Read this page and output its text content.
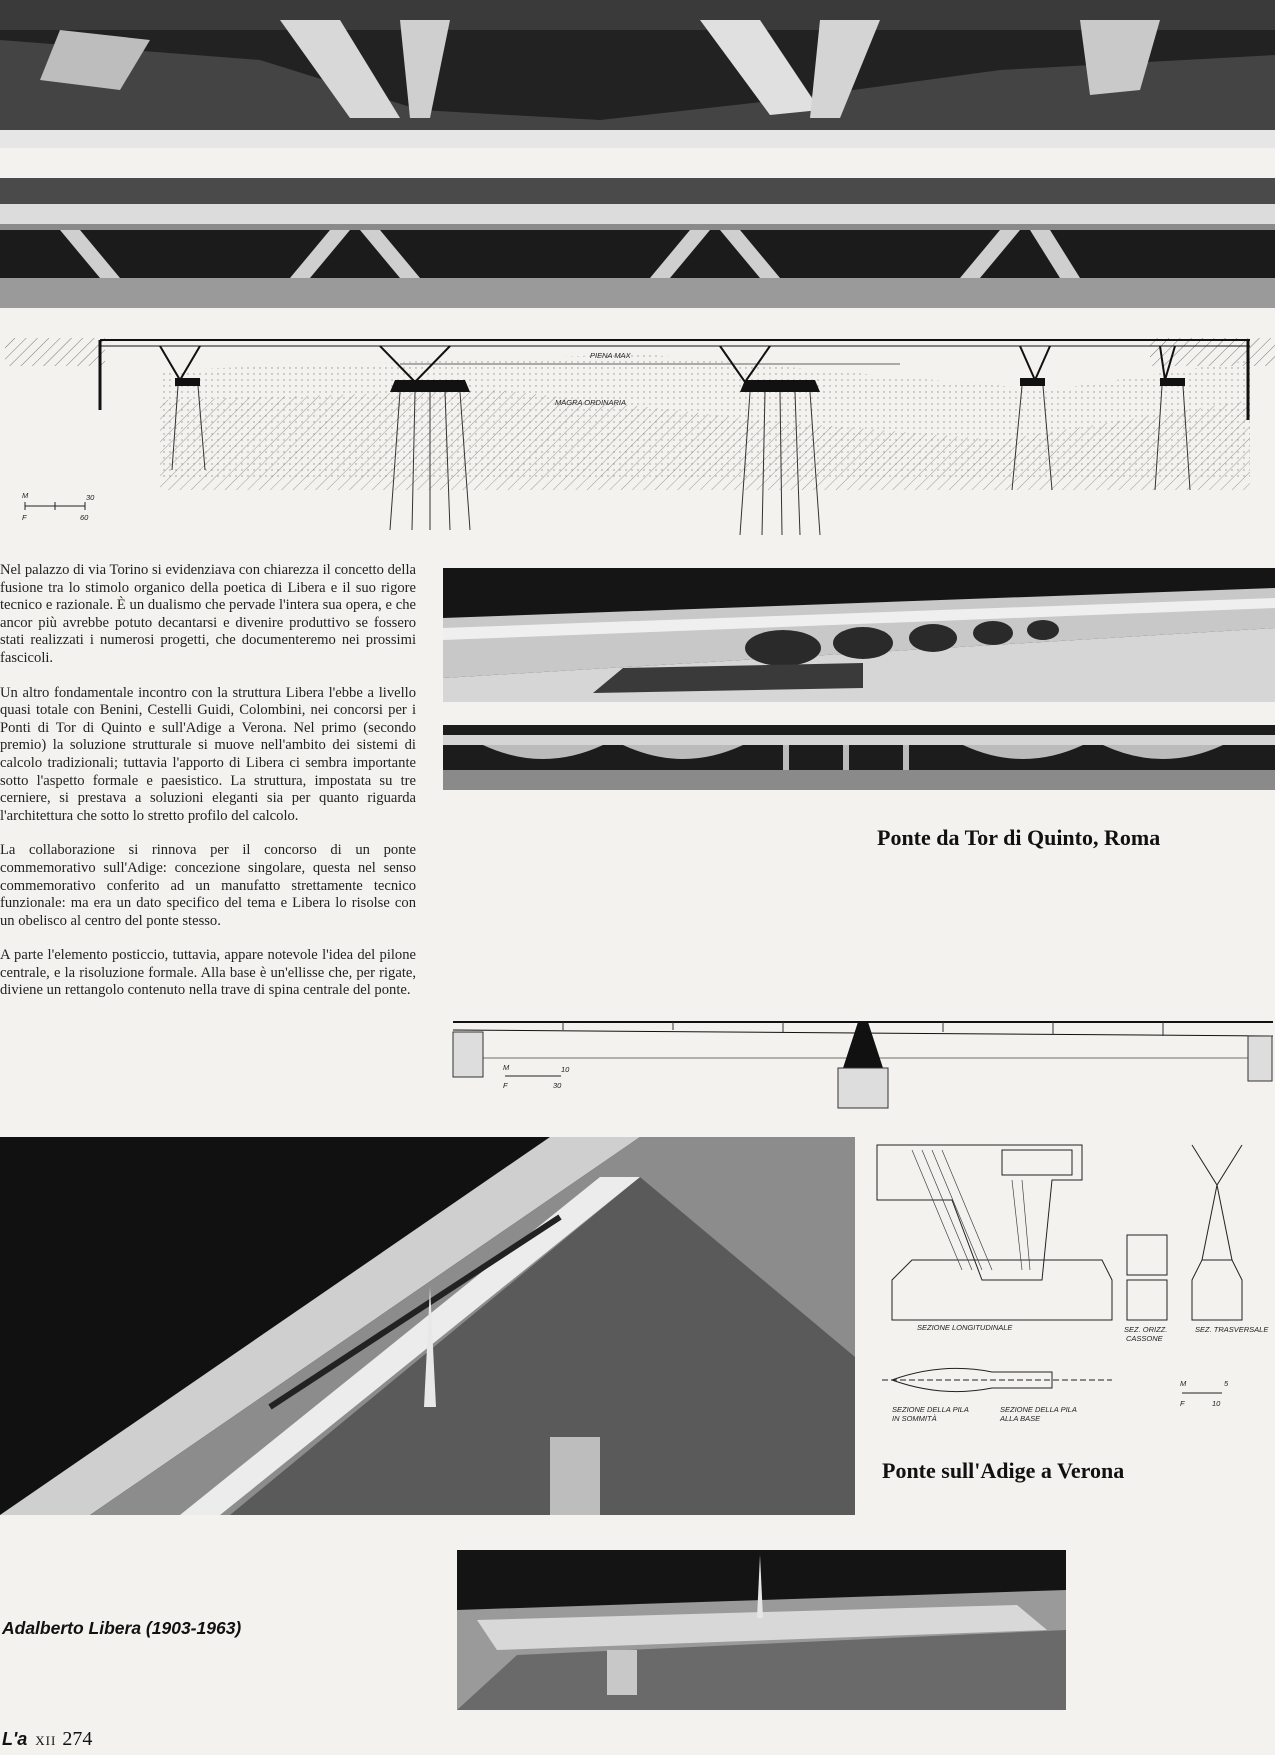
PIENA MAX
MAGRA ORDINARIA
M	30
F	60

Nel palazzo di via Torino si evidenziava con chiarezza il concetto della fusione tra lo stimolo organico della poetica di Libera e il suo rigore tecnico e razionale. È un dualismo che pervade l'intera sua opera, e che ancor più avrebbe potuto decantarsi e divenire produttivo se fossero stati realizzati i numerosi progetti, che documenteremo nei prossimi fascicoli.

Un altro fondamentale incontro con la struttura Libera l'ebbe a livello quasi totale con Benini, Cestelli Guidi, Colombini, nei concorsi per i Ponti di Tor di Quinto e sull'Adige a Verona. Nel primo (secondo premio) la soluzione strutturale si muove nell'ambito dei sistemi di calcolo tradizionali; tuttavia l'apporto di Libera ci sembra importante sotto l'aspetto formale e paesistico. La struttura, impostata su tre cerniere, si prestava a soluzioni eleganti sia per quanto riguarda l'architettura che sotto lo stretto profilo del calcolo.

La collaborazione si rinnova per il concorso di un ponte commemorativo sull'Adige: concezione singolare, questa nel senso commemorativo conferito ad un manufatto strettamente tecnico funzionale: ma era un dato specifico del tema e Libera lo risolse con un obelisco al centro del ponte stesso.

A parte l'elemento posticcio, tuttavia, appare notevole l'idea del pilone centrale, e la risoluzione formale. Alla base è un'ellisse che, per rigate, diviene un rettangolo contenuto nella trave di spina centrale del ponte.

Ponte da Tor di Quinto, Roma
M	10
F	30
SEZIONE LONGITUDINALE	SEZ. ORIZZ.
CASSONE
SEZ. TRASVERSALE
SEZIONE DELLA PILA
IN SOMMITÀ
SEZIONE DELLA PILA
ALLA BASE
M	5
F	10
Ponte sull'Adige a Verona
Adalberto Libera (1903-1963)
L'a XII 274
